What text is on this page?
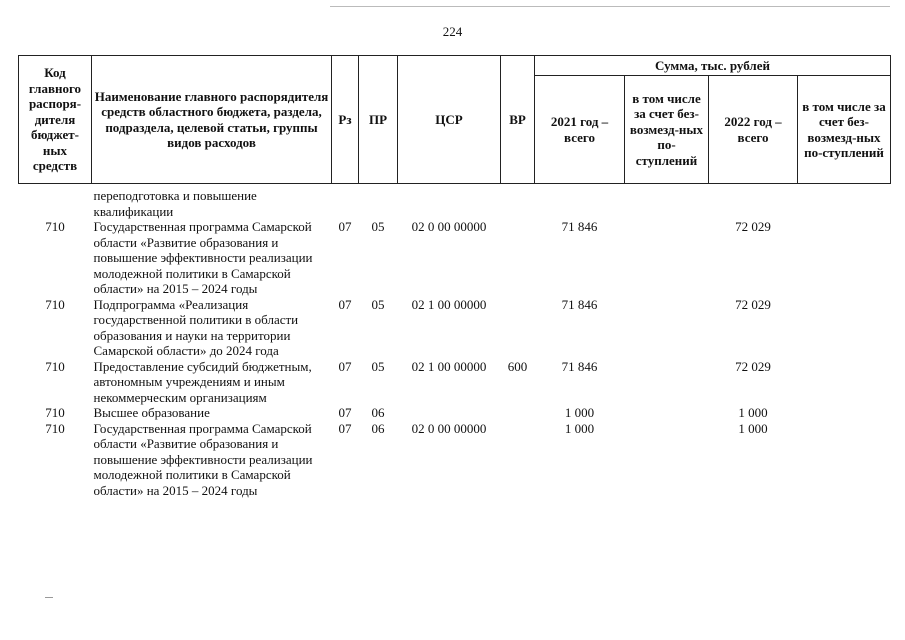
224
Код главного распоря-дителя бюджет-ных средств	Наименование главного распорядителя средств областного бюджета, раздела, подраздела, целевой статьи, группы видов расходов	Рз	ПР	ЦСР	ВР	Сумма, тыс. рублей			
						2021 год – всего	в том числе за счет без-возмезд-ных по-ступлений	2022 год – всего	в том числе за счет без-возмезд-ных по-ступлений

	переподготовка и повышение квалификации								
710	Государственная программа Самарской области «Развитие образования и повышение эффективности реализации молодежной политики в Самарской области» на 2015 – 2024 годы	07	05	02 0 00 00000		71 846		72 029	
710	Подпрограмма «Реализация государственной политики в области образования и науки на территории Самарской области» до 2024 года	07	05	02 1 00 00000		71 846		72 029	
710	Предоставление субсидий бюджетным, автономным учреждениям и иным некоммерческим организациям	07	05	02 1 00 00000	600	71 846		72 029	
710	Высшее образование	07	06			1 000		1 000	
710	Государственная программа Самарской области «Развитие образования и повышение эффективности реализации молодежной политики в Самарской области» на 2015 – 2024 годы	07	06	02 0 00 00000		1 000		1 000	
